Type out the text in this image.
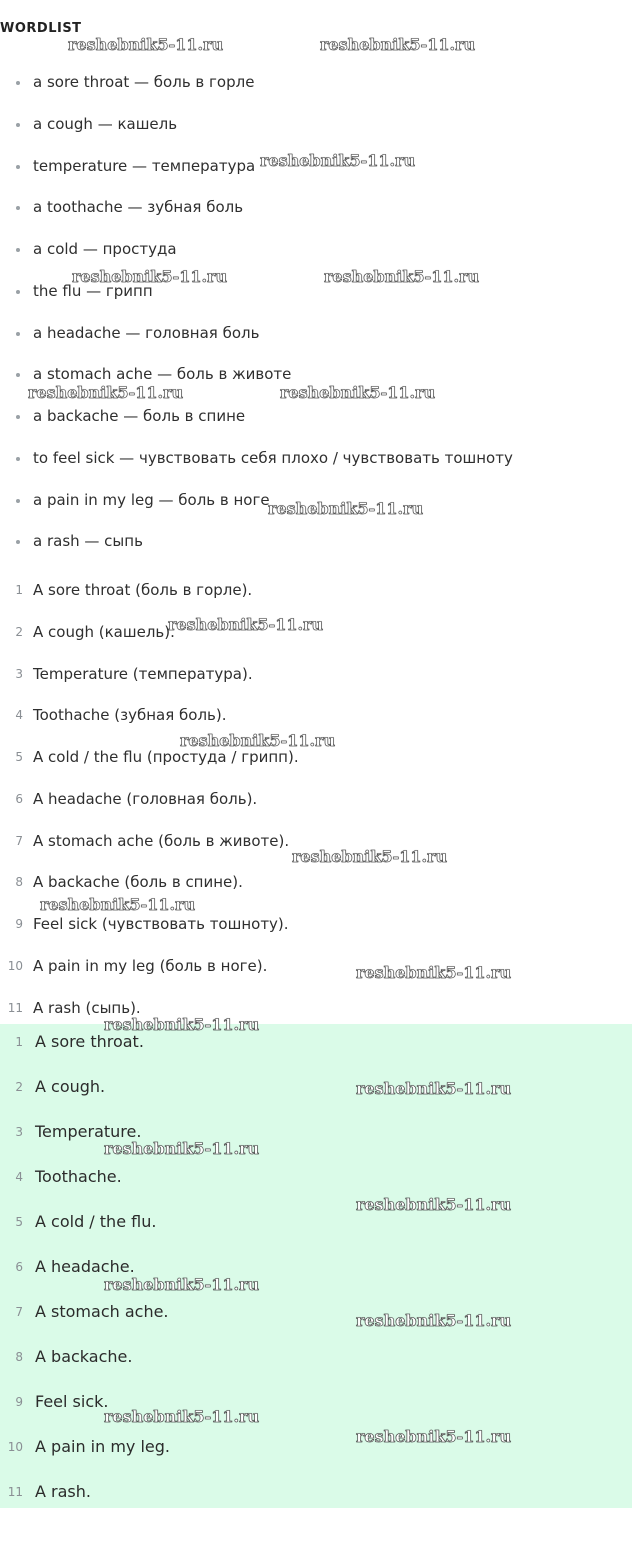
WORDLIST
a sore throat — боль в горле
a cough — кашель
temperature — температура
a toothache — зубная боль
a cold — простуда
the flu — грипп
a headache — головная боль
a stomach ache — боль в животе
a backache — боль в спине
to feel sick — чувствовать себя плохо / чувствовать тошноту
a pain in my leg — боль в ноге
a rash — сыпь
1 A sore throat (боль в горле).
2 A cough (кашель).
3 Temperature (температура).
4 Toothache (зубная боль).
5 A cold / the flu (простуда / грипп).
6 A headache (головная боль).
7 A stomach ache (боль в животе).
8 A backache (боль в спине).
9 Feel sick (чувствовать тошноту).
10 A pain in my leg (боль в ноге).
11 A rash (сыпь).
1 A sore throat.
2 A cough.
3 Temperature.
4 Toothache.
5 A cold / the flu.
6 A headache.
7 A stomach ache.
8 A backache.
9 Feel sick.
10 A pain in my leg.
11 A rash.
reshebnik5-11.ru	reshebnik5-11.ru
reshebnik5-11.ru
reshebnik5-11.ru	reshebnik5-11.ru
reshebnik5-11.ru	reshebnik5-11.ru
reshebnik5-11.ru
reshebnik5-11.ru
reshebnik5-11.ru
reshebnik5-11.ru
reshebnik5-11.ru
reshebnik5-11.ru
reshebnik5-11.ru
reshebnik5-11.ru
reshebnik5-11.ru
reshebnik5-11.ru
reshebnik5-11.ru
reshebnik5-11.ru
reshebnik5-11.ru
reshebnik5-11.ru
